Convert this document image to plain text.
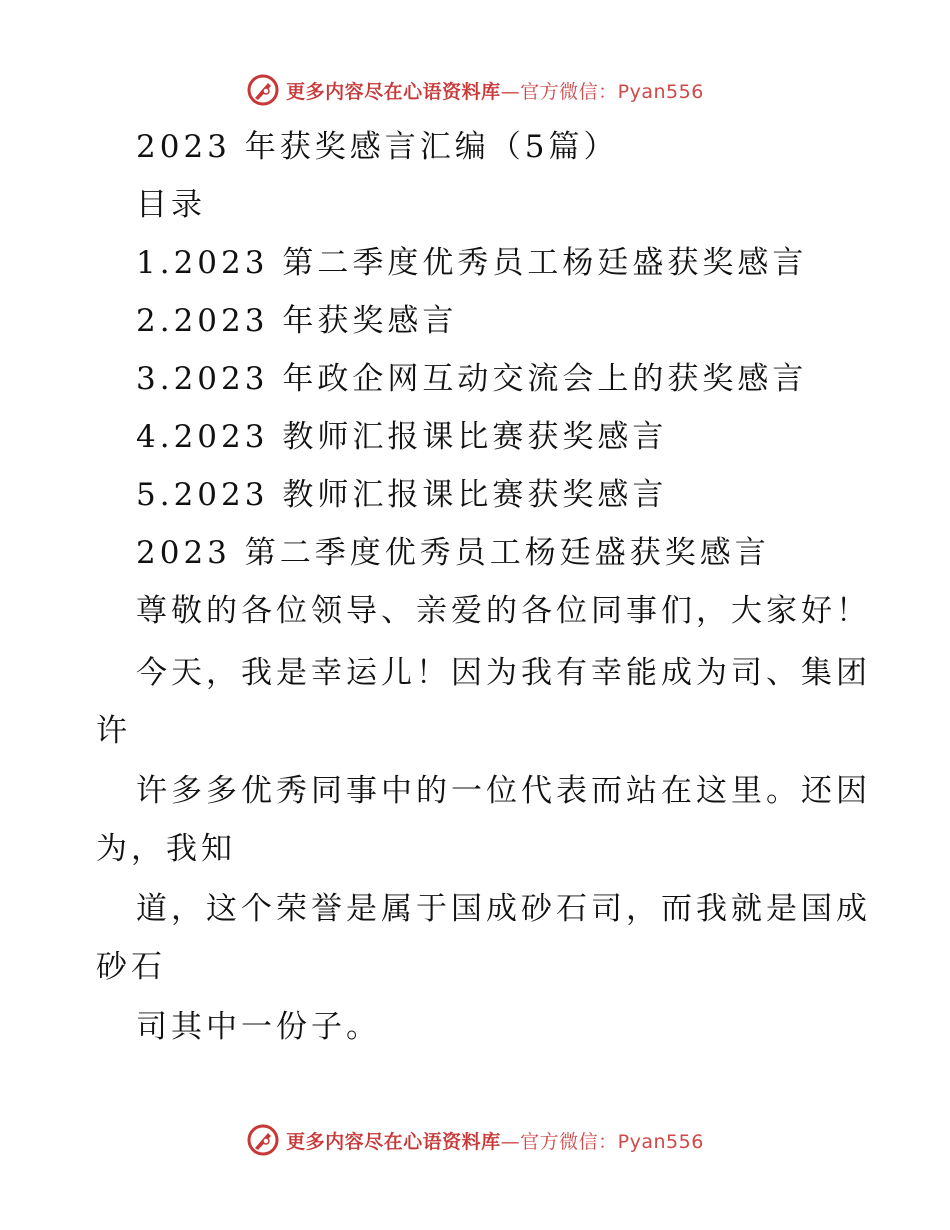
更多内容尽在心语资料库—官方微信：Pyan556
2023 年获奖感言汇编（5篇）
目录
1.2023 第二季度优秀员工杨廷盛获奖感言
2.2023 年获奖感言
3.2023 年政企网互动交流会上的获奖感言
4.2023 教师汇报课比赛获奖感言
5.2023 教师汇报课比赛获奖感言
2023 第二季度优秀员工杨廷盛获奖感言
尊敬的各位领导、亲爱的各位同事们，大家好！
今天，我是幸运儿！因为我有幸能成为司、集团
许
许多多优秀同事中的一位代表而站在这里。还因
为，我知
道，这个荣誉是属于国成砂石司，而我就是国成
砂石
司其中一份子。
更多内容尽在心语资料库—官方微信：Pyan556
